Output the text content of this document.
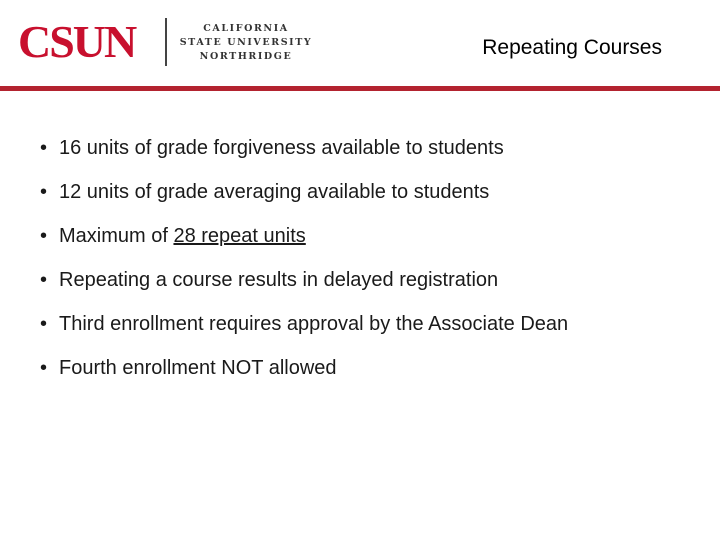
CSUN	CALIFORNIA
STATE UNIVERSITY
NORTHRIDGE	Repeating Courses
• 16 units of grade forgiveness available to students
• 12 units of grade averaging available to students
• Maximum of 28 repeat units
• Repeating a course results in delayed registration
• Third enrollment requires approval by the Associate Dean
• Fourth enrollment NOT allowed
